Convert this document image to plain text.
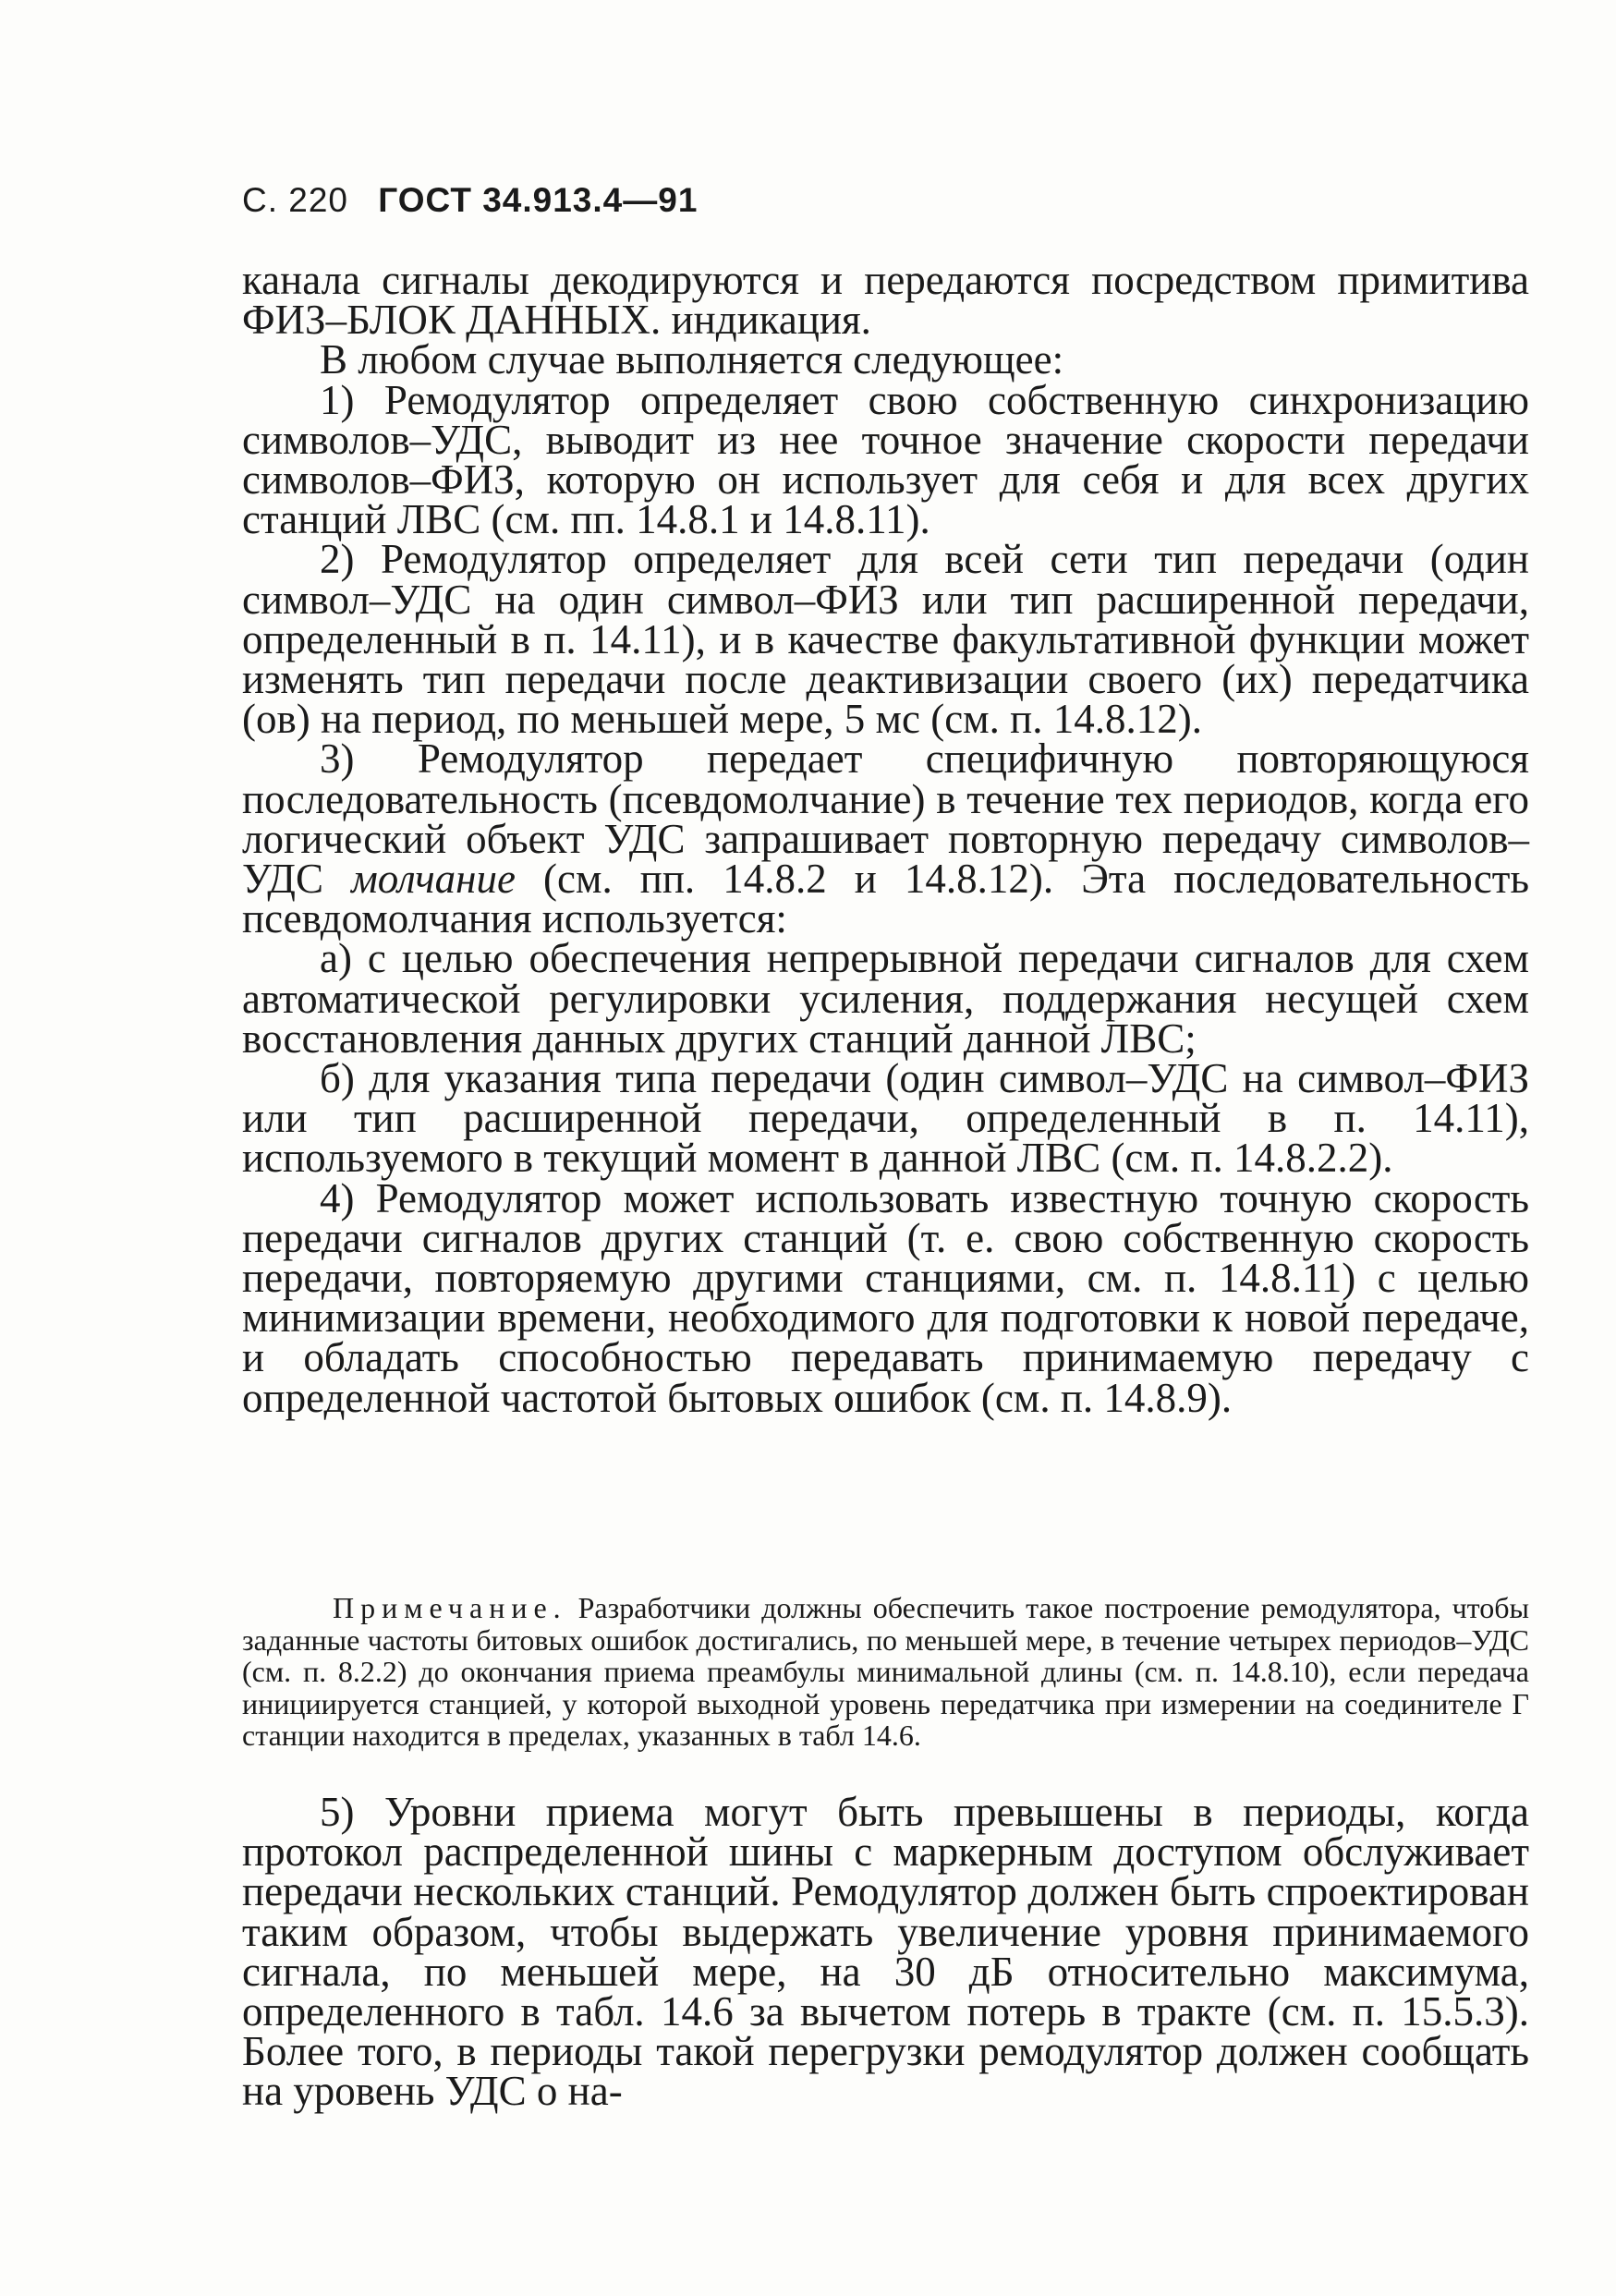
С. 220 ГОСТ 34.913.4—91

канала сигналы декодируются и передаются посредством примитива ФИЗ–БЛОК ДАННЫХ. индикация.

В любом случае выполняется следующее:

1) Ремодулятор определяет свою собственную синхронизацию символов–УДС, выводит из нее точное значение скорости передачи символов–ФИЗ, которую он использует для себя и для всех других станций ЛВС (см. пп. 14.8.1 и 14.8.11).

2) Ремодулятор определяет для всей сети тип передачи (один символ–УДС на один символ–ФИЗ или тип расширенной передачи, определенный в п. 14.11), и в качестве факультативной функции может изменять тип передачи после деактивизации своего (их) передатчика (ов) на период, по меньшей мере, 5 мс (см. п. 14.8.12).

3) Ремодулятор передает специфичную повторяющуюся последовательность (псевдомолчание) в течение тех периодов, когда его логический объект УДС запрашивает повторную передачу символов–УДС молчание (см. пп. 14.8.2 и 14.8.12). Эта последовательность псевдомолчания используется:

а) с целью обеспечения непрерывной передачи сигналов для схем автоматической регулировки усиления, поддержания несущей схем восстановления данных других станций данной ЛВС;

б) для указания типа передачи (один символ–УДС на символ–ФИЗ или тип расширенной передачи, определенный в п. 14.11), используемого в текущий момент в данной ЛВС (см. п. 14.8.2.2).

4) Ремодулятор может использовать известную точную скорость передачи сигналов других станций (т. е. свою собственную скорость передачи, повторяемую другими станциями, см. п. 14.8.11) с целью минимизации времени, необходимого для подготовки к новой передаче, и обладать способностью передавать принимаемую передачу с определенной частотой бытовых ошибок (см. п. 14.8.9).

Примечание. Разработчики должны обеспечить такое построение ремодулятора, чтобы заданные частоты битовых ошибок достигались, по меньшей мере, в течение четырех периодов–УДС (см. п. 8.2.2) до окончания приема преамбулы минимальной длины (см. п. 14.8.10), если передача инициируется станцией, у которой выходной уровень передатчика при измерении на соединителе Г станции находится в пределах, указанных в табл 14.6.

5) Уровни приема могут быть превышены в периоды, когда протокол распределенной шины с маркерным доступом обслуживает передачи нескольких станций. Ремодулятор должен быть спроектирован таким образом, чтобы выдержать увеличение уровня принимаемого сигнала, по меньшей мере, на 30 дБ относительно максимума, определенного в табл. 14.6 за вычетом потерь в тракте (см. п. 15.5.3). Более того, в периоды такой перегрузки ремодулятор должен сообщать на уровень УДС о на-
